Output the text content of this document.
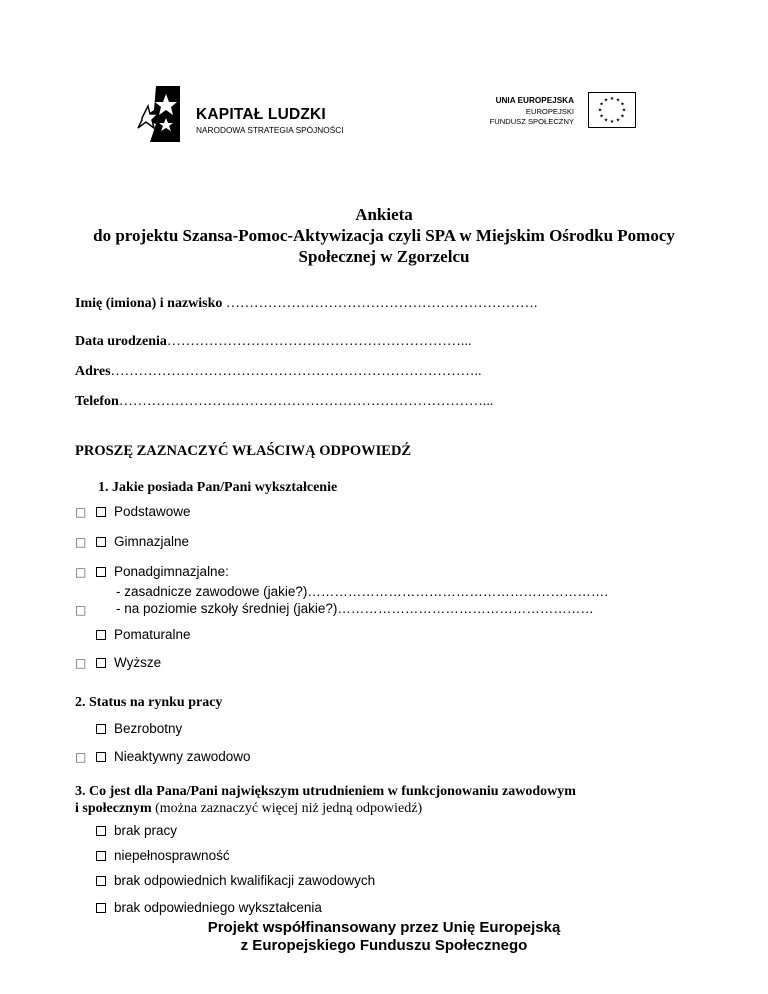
KAPITAŁ LUDZKI
NARODOWA STRATEGIA SPÓJNOŚCI
UNIA EUROPEJSKA
EUROPEJSKI
FUNDUSZ SPOŁECZNY
★ ★
★
★
★
★
★
★
★
★
★
★
Ankieta
do projektu Szansa-Pomoc-Aktywizacja czyli SPA w Miejskim Ośrodku Pomocy
Społecznej w Zgorzelcu
Imię (imiona) i nazwisko ………………………………………………………….
Data urodzenia………………………………………………………...
Adres……………………………………………………………………..
Telefon……………………………………………………………………...
PROSZĘ ZAZNACZYĆ WŁAŚCIWĄ ODPOWIEDŹ
1. Jakie posiada Pan/Pani wykształcenie
□	Podstawowe
□	Gimnazjalne
□	Ponadgimnazjalne:
- zasadnicze zawodowe (jakie?)………………………………………………………….
□ - na poziomie szkoły średniej (jakie?)…………………………………………………
Pomaturalne
□	Wyższe
2. Status na rynku pracy
Bezrobotny
□	Nieaktywny zawodowo
3. Co jest dla Pana/Pani największym utrudnieniem w funkcjonowaniu zawodowym
i społecznym (można zaznaczyć więcej niż jedną odpowiedź)
brak pracy
niepełnosprawność
brak odpowiednich kwalifikacji zawodowych
brak odpowiedniego wykształcenia
Projekt współfinansowany przez Unię Europejską
z Europejskiego Funduszu Społecznego
